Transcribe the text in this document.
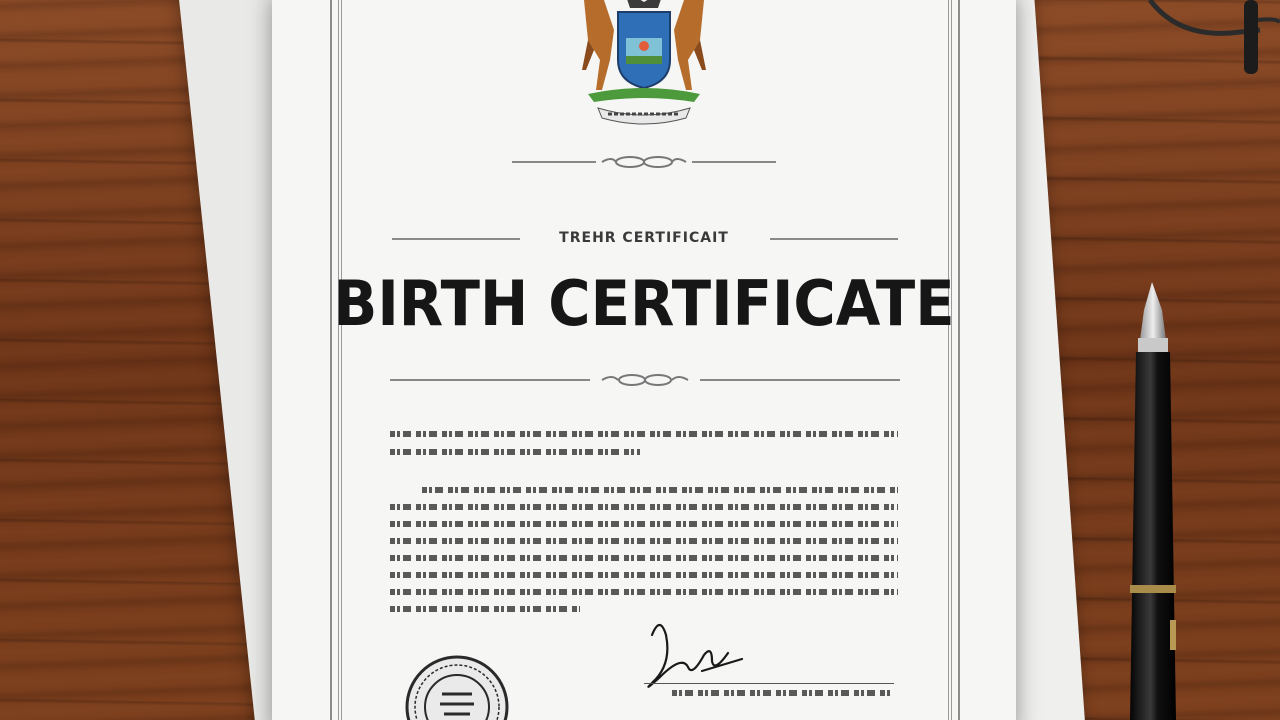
TREHR CERTIFICAIT
BIRTH CERTIFICATE
